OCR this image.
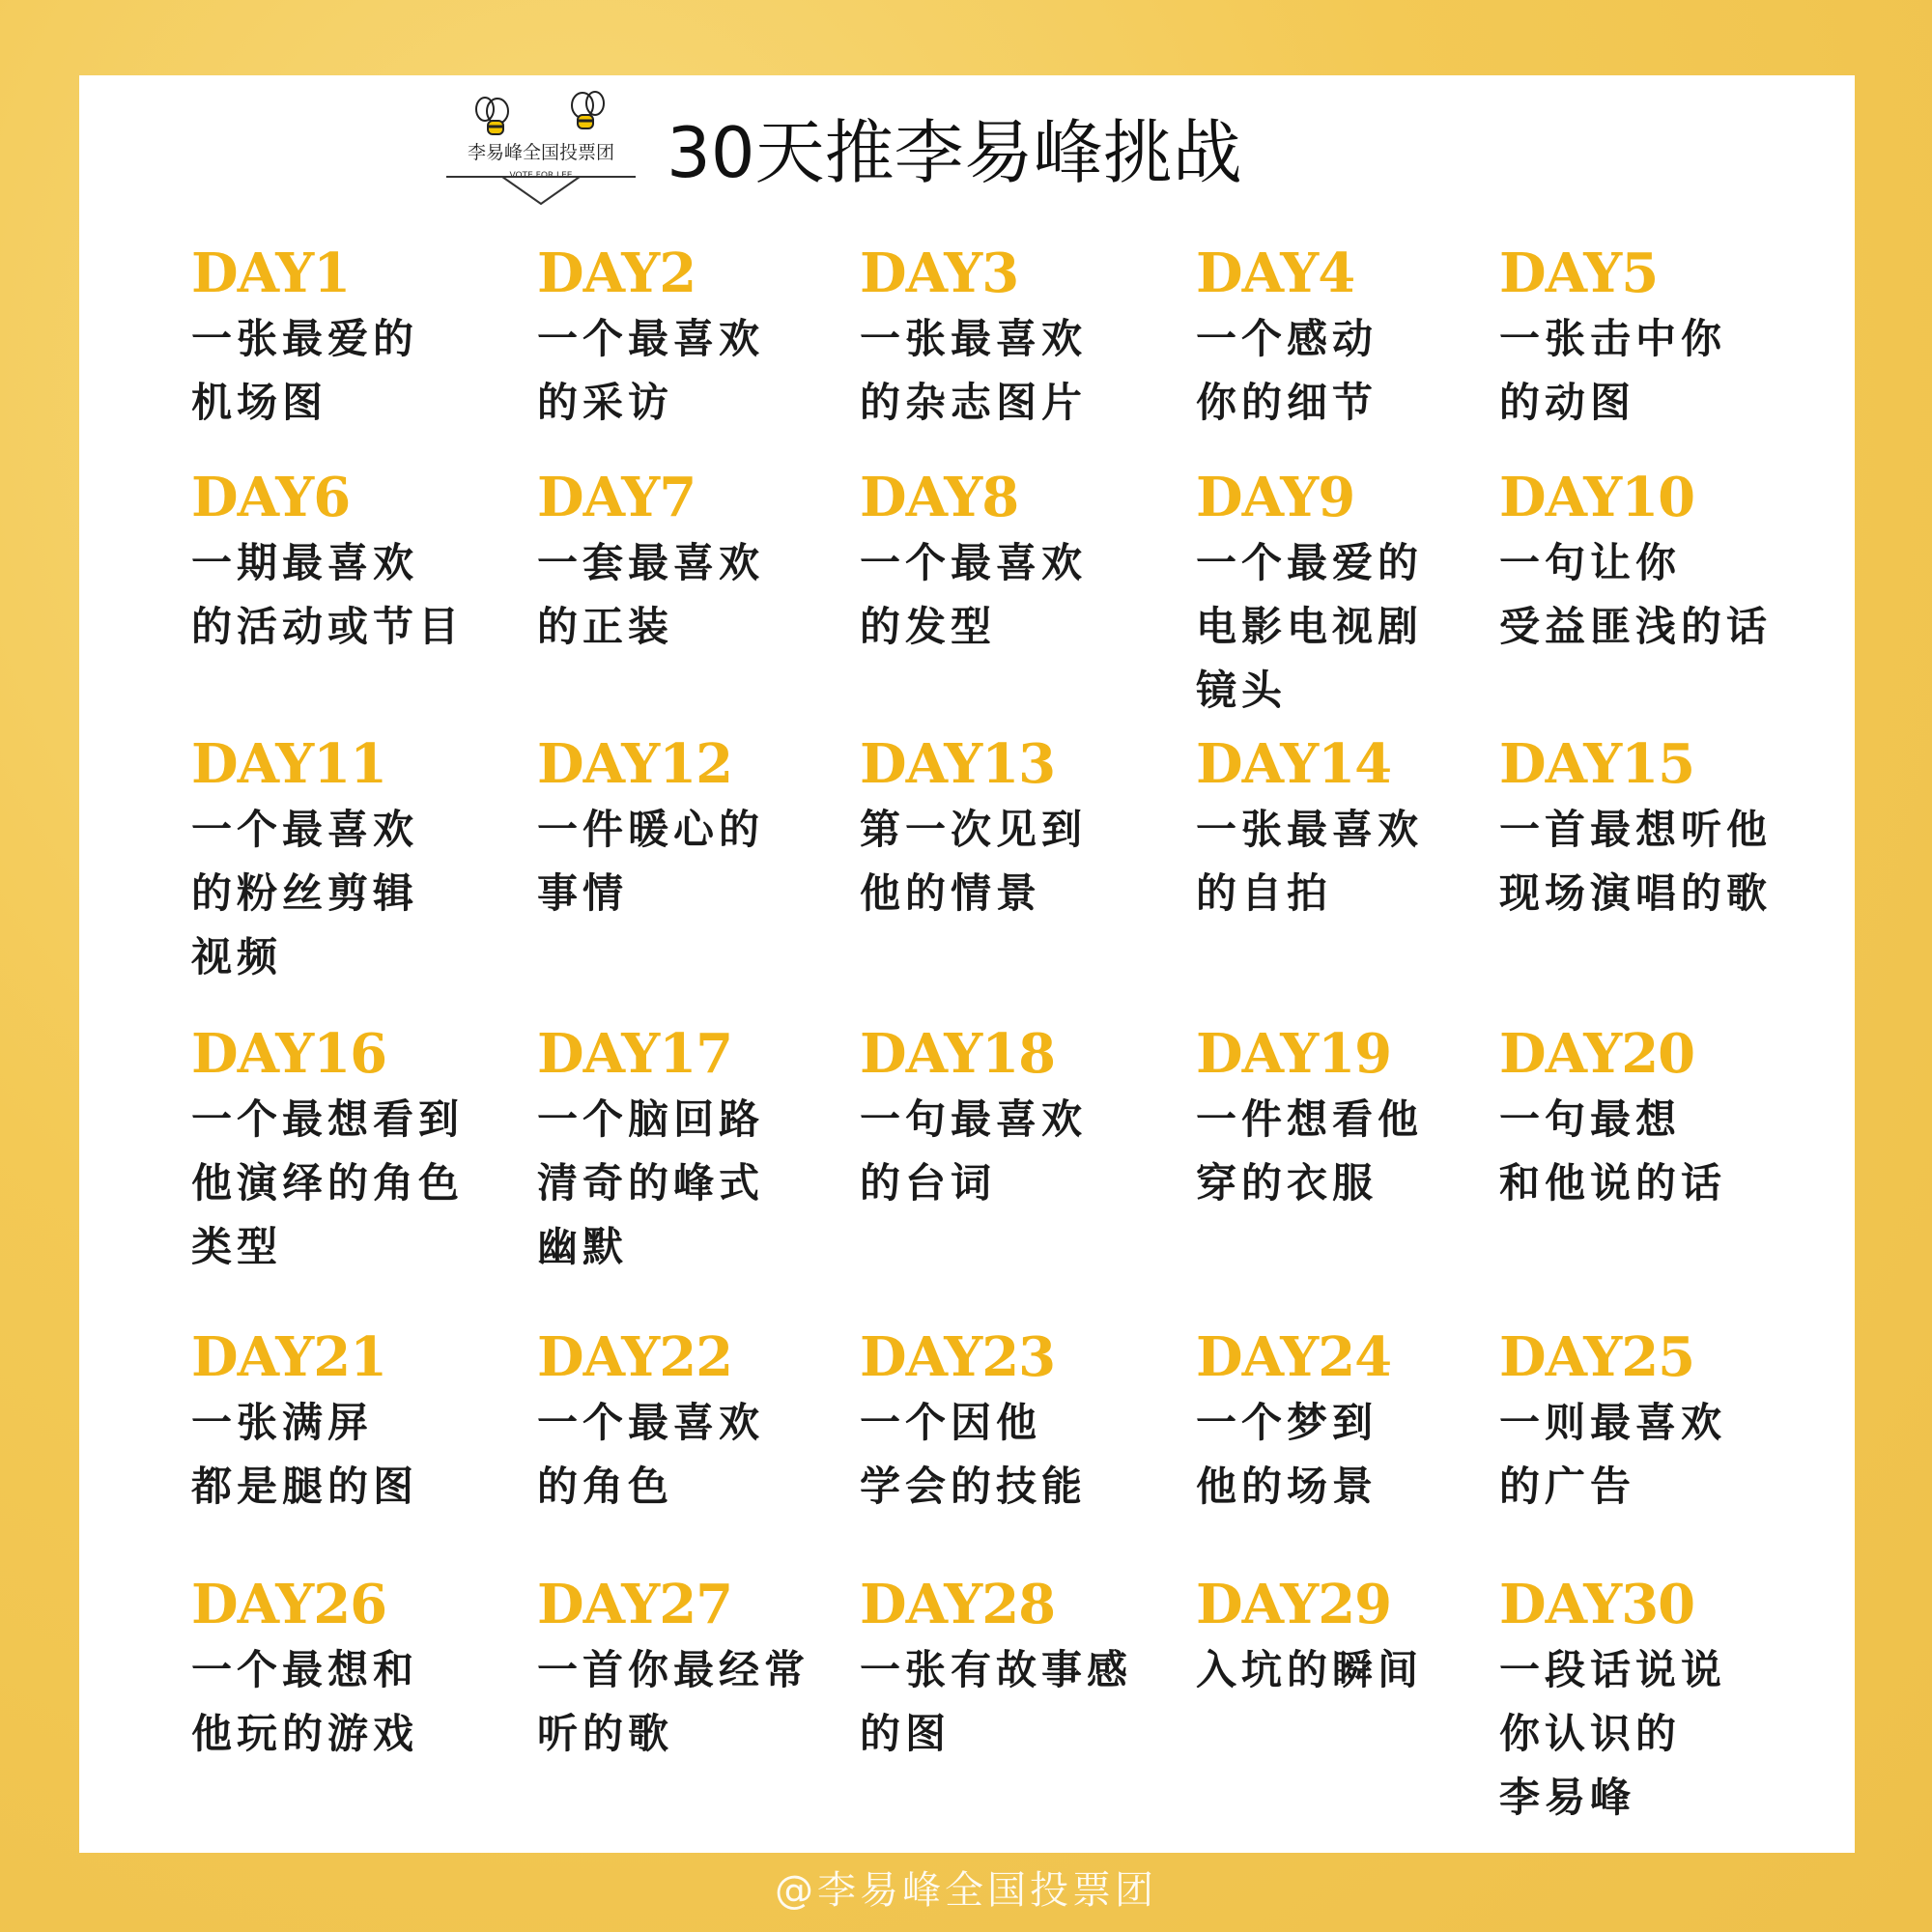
李易峰全国投票团
VOTE FOR LEE	30天推李易峰挑战
DAY1
一张最爱的
机场图
DAY2
一个最喜欢
的采访
DAY3
一张最喜欢
的杂志图片
DAY4
一个感动
你的细节
DAY5
一张击中你
的动图
DAY6
一期最喜欢
的活动或节目
DAY7
一套最喜欢
的正装
DAY8
一个最喜欢
的发型
DAY9
一个最爱的
电影电视剧
镜头
DAY10
一句让你
受益匪浅的话
DAY11
一个最喜欢
的粉丝剪辑
视频
DAY12
一件暖心的
事情
DAY13
第一次见到
他的情景
DAY14
一张最喜欢
的自拍
DAY15
一首最想听他
现场演唱的歌
DAY16
一个最想看到
他演绎的角色
类型
DAY17
一个脑回路
清奇的峰式
幽默
DAY18
一句最喜欢
的台词
DAY19
一件想看他
穿的衣服
DAY20
一句最想
和他说的话
DAY21
一张满屏
都是腿的图
DAY22
一个最喜欢
的角色
DAY23
一个因他
学会的技能
DAY24
一个梦到
他的场景
DAY25
一则最喜欢
的广告
DAY26
一个最想和
他玩的游戏
DAY27
一首你最经常
听的歌
DAY28
一张有故事感
的图
DAY29
入坑的瞬间
DAY30
一段话说说
你认识的
李易峰
@李易峰全国投票团
